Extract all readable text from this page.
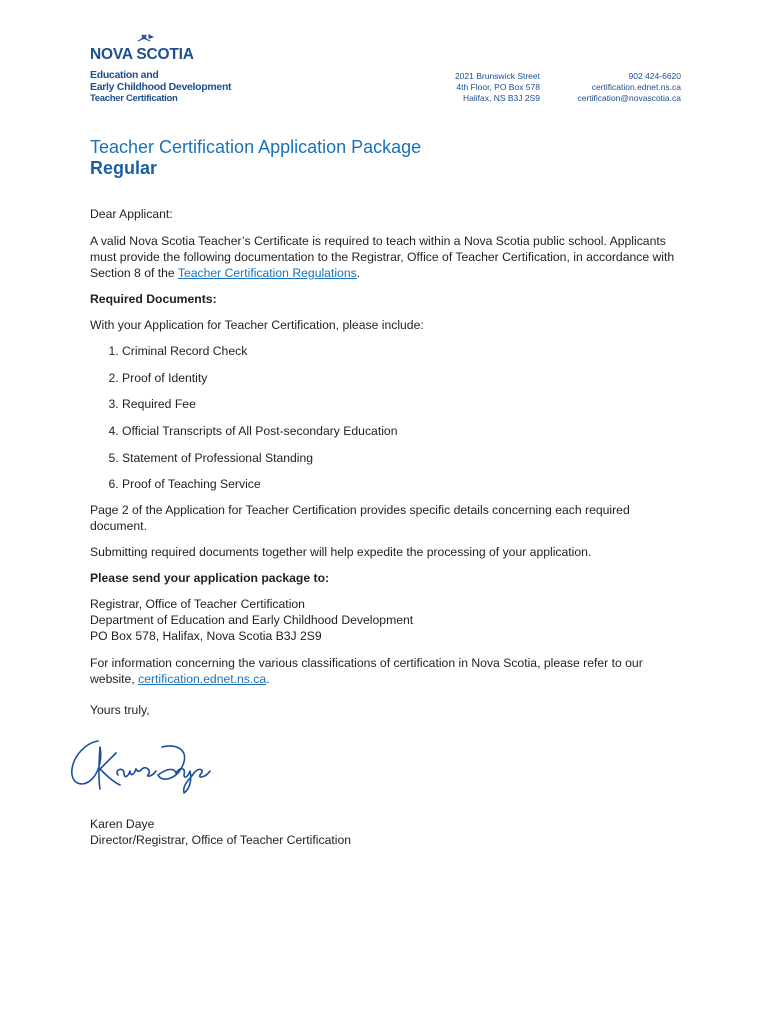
NOVA SCOTIA
Education and
Early Childhood Development
Teacher Certification
2021 Brunswick Street
4th Floor, PO Box 578
Halifax, NS B3J 2S9
902 424-6620
certification.ednet.ns.ca
certification@novascotia.ca
Teacher Certification Application Package
Regular

Dear Applicant:

A valid Nova Scotia Teacher’s Certificate is required to teach within a Nova Scotia public school. Applicants must provide the following documentation to the Registrar, Office of Teacher Certification, in accordance with Section 8 of the Teacher Certification Regulations.

Required Documents:

With your Application for Teacher Certification, please include:

1. Criminal Record Check
2. Proof of Identity
3. Required Fee
4. Official Transcripts of All Post-secondary Education
5. Statement of Professional Standing
6. Proof of Teaching Service

Page 2 of the Application for Teacher Certification provides specific details concerning each required document.

Submitting required documents together will help expedite the processing of your application.

Please send your application package to:

Registrar, Office of Teacher Certification
Department of Education and Early Childhood Development
PO Box 578, Halifax, Nova Scotia B3J 2S9

For information concerning the various classifications of certification in Nova Scotia, please refer to our website, certification.ednet.ns.ca.

Yours truly,

Karen Daye
Director/Registrar, Office of Teacher Certification
